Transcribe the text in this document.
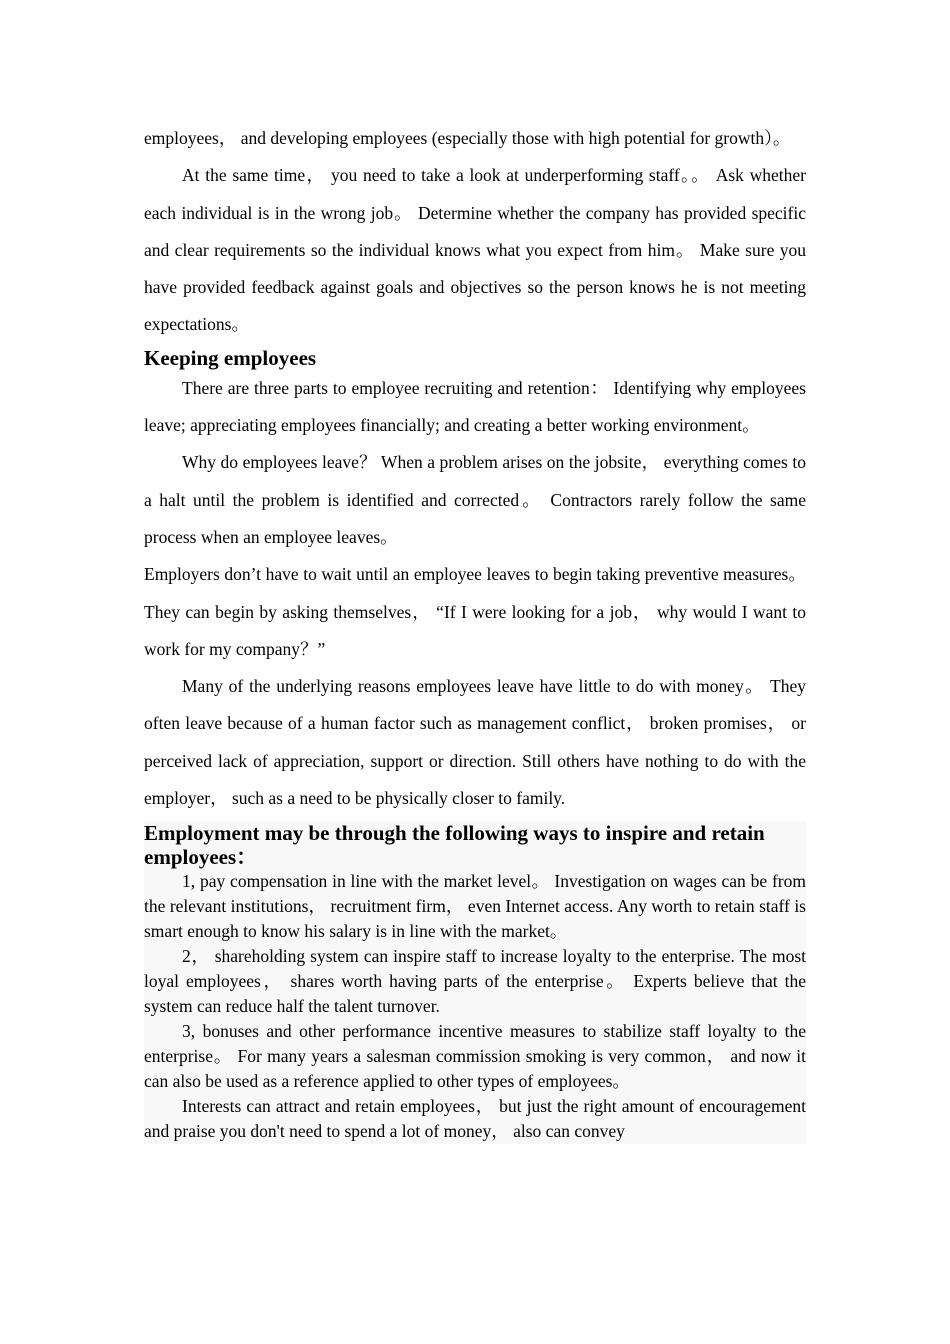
employees， and developing employees (especially those with high potential for growth）。

At the same time， you need to take a look at underperforming staff。。 Ask whether each individual is in the wrong job。 Determine whether the company has provided specific and clear requirements so the individual knows what you expect from him。 Make sure you have provided feedback against goals and objectives so the person knows he is not meeting expectations。

Keeping employees

There are three parts to employee recruiting and retention： Identifying why employees leave; appreciating employees financially; and creating a better working environment。

Why do employees leave？ When a problem arises on the jobsite， everything comes to a halt until the problem is identified and corrected。 Contractors rarely follow the same process when an employee leaves。

Employers don’t have to wait until an employee leaves to begin taking preventive measures。 They can begin by asking themselves， “If I were looking for a job， why would I want to work for my company？”

Many of the underlying reasons employees leave have little to do with money。 They often leave because of a human factor such as management conflict， broken promises， or perceived lack of appreciation, support or direction. Still others have nothing to do with the employer， such as a need to be physically closer to family.

Employment may be through the following ways to inspire and retain employees：

1, pay compensation in line with the market level。 Investigation on wages can be from the relevant institutions， recruitment firm， even Internet access. Any worth to retain staff is smart enough to know his salary is in line with the market。

2， shareholding system can inspire staff to increase loyalty to the enterprise. The most loyal employees， shares worth having parts of the enterprise。 Experts believe that the system can reduce half the talent turnover.

3, bonuses and other performance incentive measures to stabilize staff loyalty to the enterprise。 For many years a salesman commission smoking is very common， and now it can also be used as a reference applied to other types of employees。

Interests can attract and retain employees， but just the right amount of encouragement and praise you don't need to spend a lot of money， also can convey
